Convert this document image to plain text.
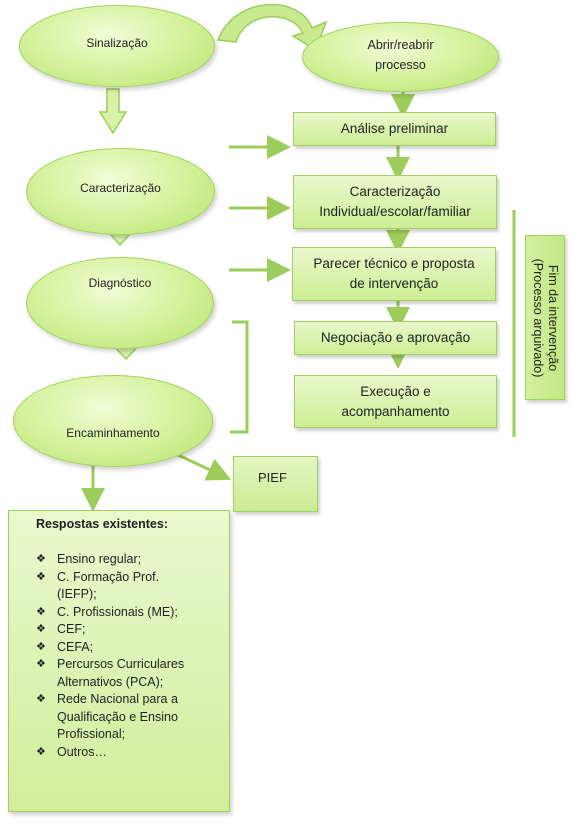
Sinalização
Caracterização
Diagnóstico
Encaminhamento
Abrir/reabrir processo
Análise preliminar
Caracterização
Individual/escolar/familiar
Parecer técnico e proposta
de intervenção
Negociação e aprovação
Execução e
acompanhamento
Fim da intervenção
(Processo arquivado)
PIEF
Respostas existentes:
❖ Ensino regular;
❖ C. Formação Prof. (IEFP);
❖ C. Profissionais (ME);
❖ CEF;
❖ CEFA;
❖ Percursos Curriculares Alternativos (PCA);
❖ Rede Nacional para a Qualificação e Ensino Profissional;
❖ Outros…
